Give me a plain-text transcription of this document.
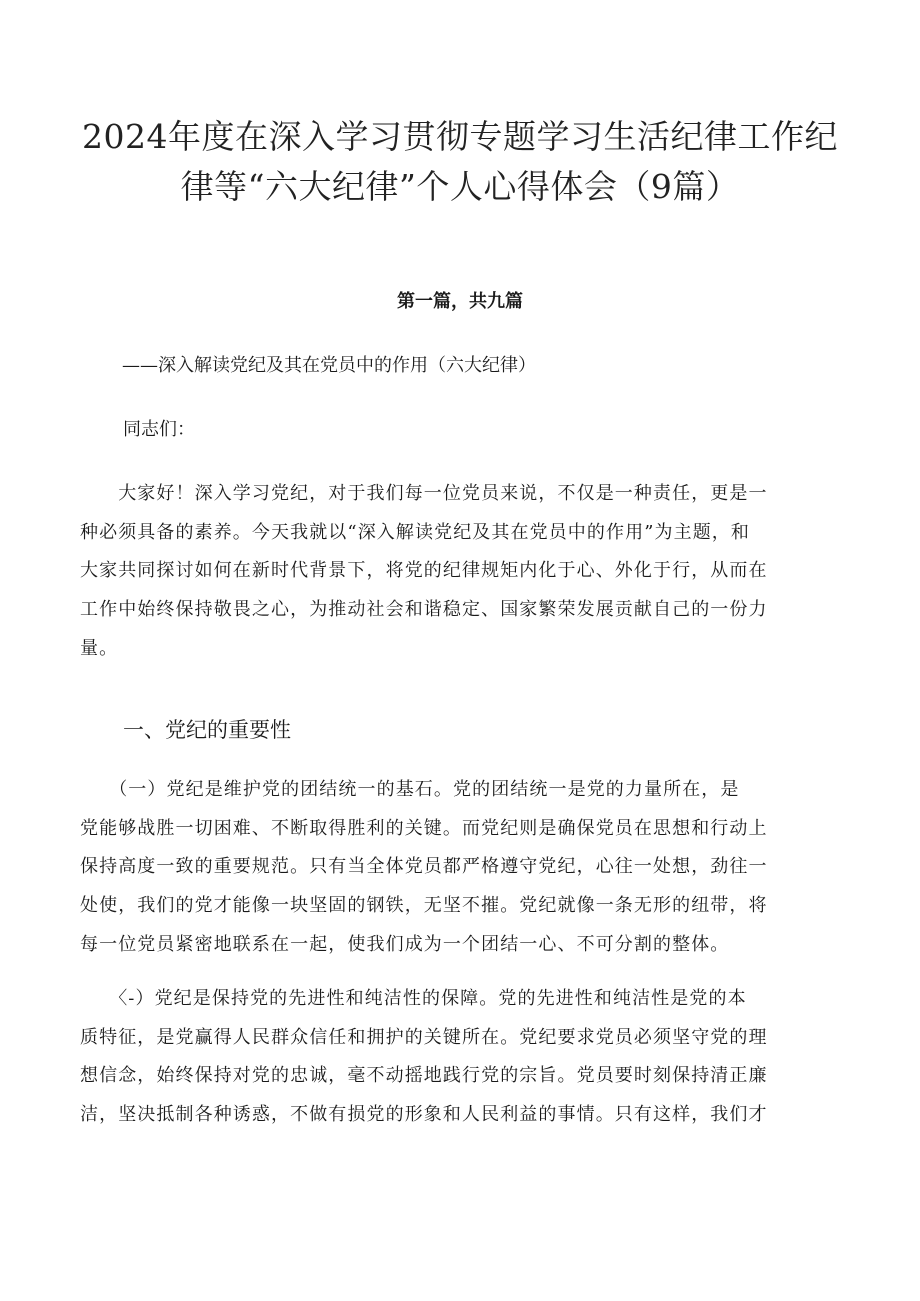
2024年度在深入学习贯彻专题学习生活纪律工作纪
律等“六大纪律”个人心得体会（9篇）
第一篇，共九篇
——深入解读党纪及其在党员中的作用（六大纪律）
同志们：
　　大家好！深入学习党纪，对于我们每一位党员来说，不仅是一种责任，更是一
种必须具备的素养。今天我就以“深入解读党纪及其在党员中的作用”为主题，和
大家共同探讨如何在新时代背景下，将党的纪律规矩内化于心、外化于行，从而在
工作中始终保持敬畏之心，为推动社会和谐稳定、国家繁荣发展贡献自己的一份力
量。
一、党纪的重要性
　　（一）党纪是维护党的团结统一的基石。党的团结统一是党的力量所在，是
党能够战胜一切困难、不断取得胜利的关键。而党纪则是确保党员在思想和行动上
保持高度一致的重要规范。只有当全体党员都严格遵守党纪，心往一处想，劲往一
处使，我们的党才能像一块坚固的钢铁，无坚不摧。党纪就像一条无形的纽带，将
每一位党员紧密地联系在一起，使我们成为一个团结一心、不可分割的整体。
　　〈-）党纪是保持党的先进性和纯洁性的保障。党的先进性和纯洁性是党的本
质特征，是党赢得人民群众信任和拥护的关键所在。党纪要求党员必须坚守党的理
想信念，始终保持对党的忠诚，毫不动摇地践行党的宗旨。党员要时刻保持清正廉
洁，坚决抵制各种诱惑，不做有损党的形象和人民利益的事情。只有这样，我们才
